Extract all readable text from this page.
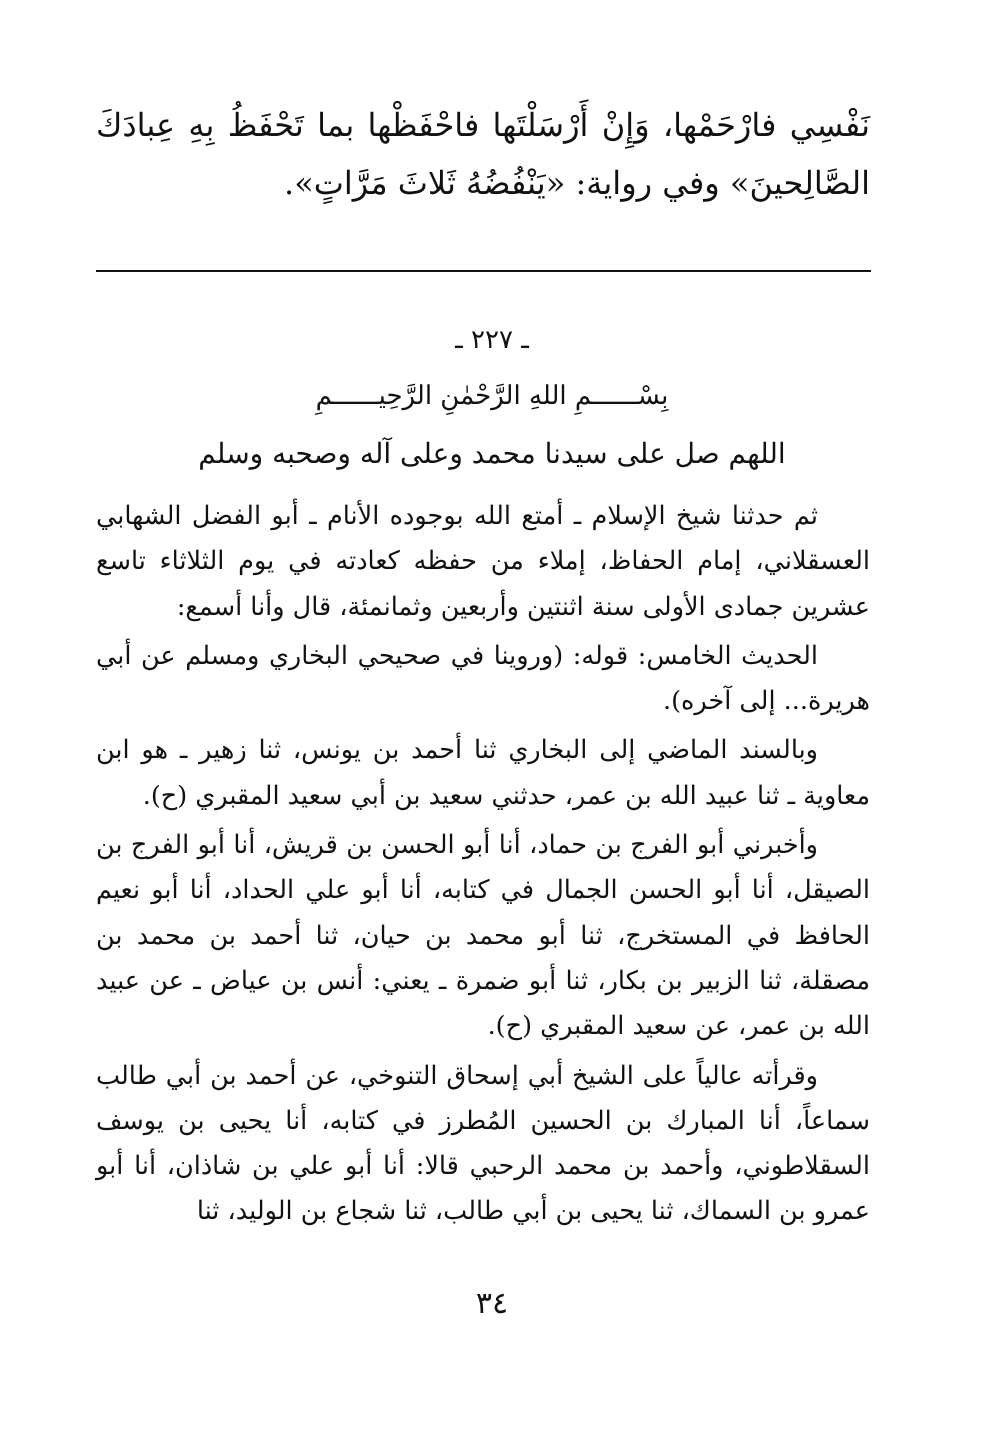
نَفْسِي فارْحَمْها، وَإِنْ أَرْسَلْتَها فاحْفَظْها بما تَحْفَظُ بِهِ عِبادَكَ الصَّالِحينَ» وفي رواية: «يَنْفُضُهُ ثَلاثَ مَرَّاتٍ».
ـ ٢٢٧ ـ
بِسْــــــمِ اللهِ الرَّحْمٰنِ الرَّحِيــــــمِ
اللهم صل على سيدنا محمد وعلى آله وصحبه وسلم

ثم حدثنا شيخ الإسلام ـ أمتع الله بوجوده الأنام ـ أبو الفضل الشهابي العسقلاني، إمام الحفاظ، إملاء من حفظه كعادته في يوم الثلاثاء تاسع عشرين جمادى الأولى سنة اثنتين وأربعين وثمانمئة، قال وأنا أسمع:

الحديث الخامس: قوله: (وروينا في صحيحي البخاري ومسلم عن أبي هريرة... إلى آخره).

وبالسند الماضي إلى البخاري ثنا أحمد بن يونس، ثنا زهير ـ هو ابن معاوية ـ ثنا عبيد الله بن عمر، حدثني سعيد بن أبي سعيد المقبري (ح).

وأخبرني أبو الفرج بن حماد، أنا أبو الحسن بن قريش، أنا أبو الفرج بن الصيقل، أنا أبو الحسن الجمال في كتابه، أنا أبو علي الحداد، أنا أبو نعيم الحافظ في المستخرج، ثنا أبو محمد بن حيان، ثنا أحمد بن محمد بن مصقلة، ثنا الزبير بن بكار، ثنا أبو ضمرة ـ يعني: أنس بن عياض ـ عن عبيد الله بن عمر، عن سعيد المقبري (ح).

وقرأته عالياً على الشيخ أبي إسحاق التنوخي، عن أحمد بن أبي طالب سماعاً، أنا المبارك بن الحسين المُطرز في كتابه، أنا يحيى بن يوسف السقلاطوني، وأحمد بن محمد الرحبي قالا: أنا أبو علي بن شاذان، أنا أبو عمرو بن السماك، ثنا يحيى بن أبي طالب، ثنا شجاع بن الوليد، ثنا

٣٤
